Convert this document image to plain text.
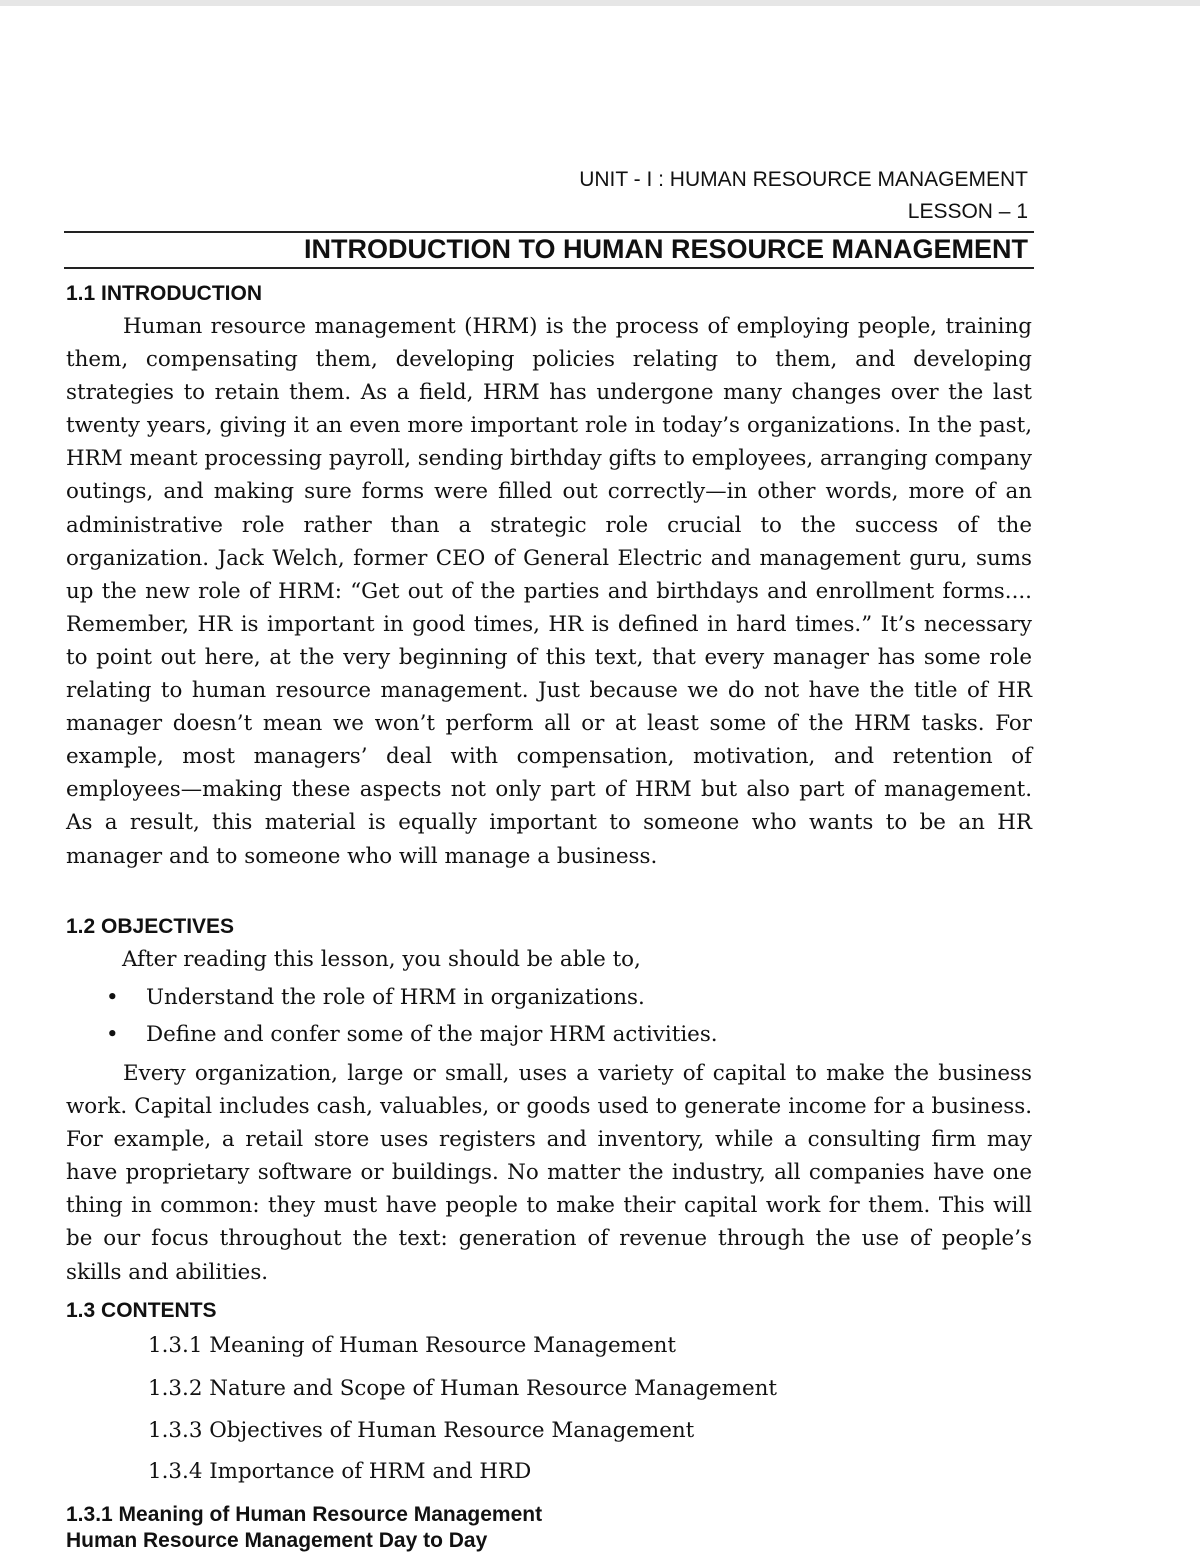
UNIT - I : HUMAN RESOURCE MANAGEMENT
LESSON – 1
INTRODUCTION TO HUMAN RESOURCE MANAGEMENT
1.1 INTRODUCTION

Human resource management (HRM) is the process of employing people, training them, compensating them, developing policies relating to them, and developing strategies to retain them. As a field, HRM has undergone many changes over the last twenty years, giving it an even more important role in today’s organizations. In the past, HRM meant processing payroll, sending birthday gifts to employees, arranging company outings, and making sure forms were filled out correctly—in other words, more of an administrative role rather than a strategic role crucial to the success of the organization. Jack Welch, former CEO of General Electric and management guru, sums up the new role of HRM: “Get out of the parties and birthdays and enrollment forms.... Remember, HR is important in good times, HR is defined in hard times.” It’s necessary to point out here, at the very beginning of this text, that every manager has some role relating to human resource management. Just because we do not have the title of HR manager doesn’t mean we won’t perform all or at least some of the HRM tasks. For example, most managers’ deal with compensation, motivation, and retention of employees—making these aspects not only part of HRM but also part of management. As a result, this material is equally important to someone who wants to be an HR manager and to someone who will manage a business.

1.2 OBJECTIVES
After reading this lesson, you should be able to,
• Understand the role of HRM in organizations.
• Define and confer some of the major HRM activities.

Every organization, large or small, uses a variety of capital to make the business work. Capital includes cash, valuables, or goods used to generate income for a business. For example, a retail store uses registers and inventory, while a consulting firm may have proprietary software or buildings. No matter the industry, all companies have one thing in common: they must have people to make their capital work for them. This will be our focus throughout the text: generation of revenue through the use of people’s skills and abilities.

1.3 CONTENTS
1.3.1 Meaning of Human Resource Management
1.3.2 Nature and Scope of Human Resource Management
1.3.3 Objectives of Human Resource Management
1.3.4 Importance of HRM and HRD
1.3.1 Meaning of Human Resource Management
Human Resource Management Day to Day
